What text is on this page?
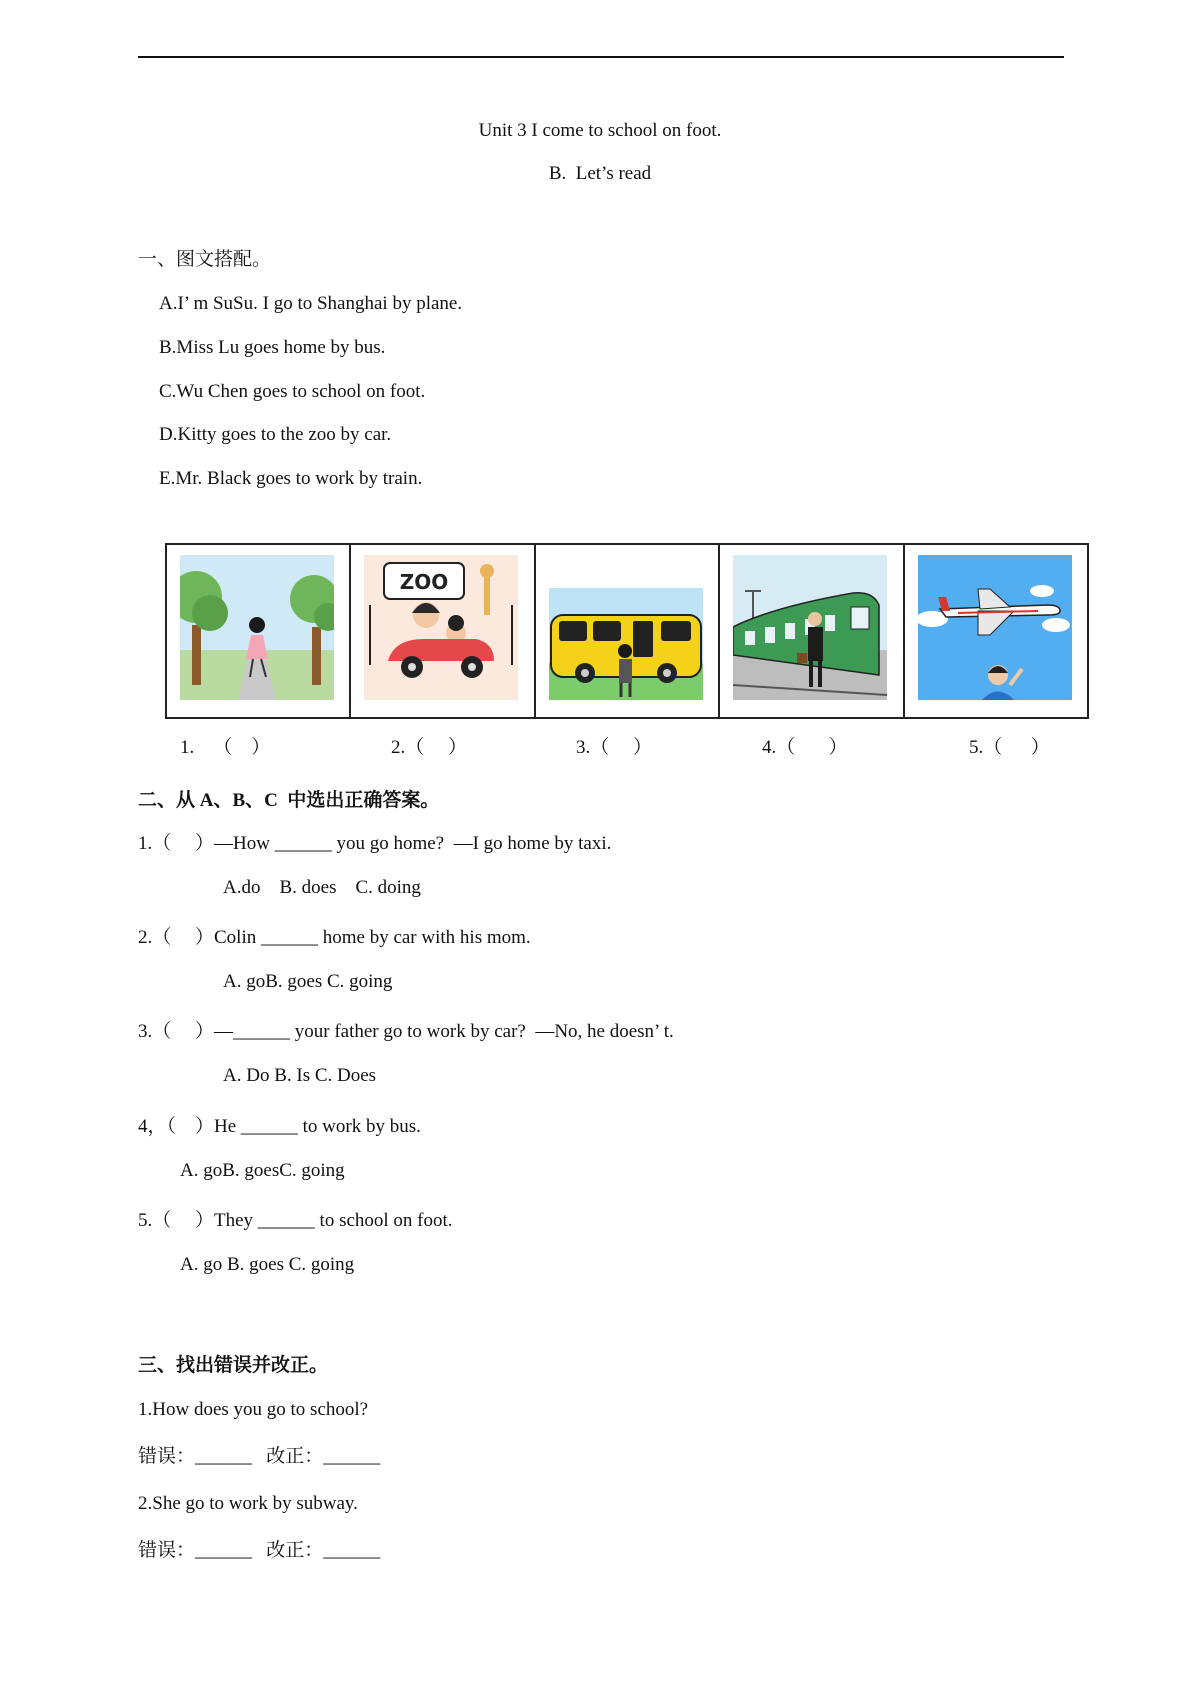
Unit 3 I come to school on foot.
B.  Let’s read
一、图文搭配。
A.I’ m SuSu. I go to Shanghai by plane.
B.Miss Lu goes home by bus.
C.Wu Chen goes to school on foot.
D.Kitty goes to the zoo by car.
E.Mr. Black goes to work by train.
ZOO
1.    （    ）	2.（     ）	3.（     ）	4.（       ）	5.（      ）
二、从 A、B、C  中选出正确答案。
1.（     ）—How ______ you go home?  —I go home by taxi.
A.do    B. does    C. doing
2.（     ）Colin ______ home by car with his mom.
A. goB. goes C. going
3.（     ）—______ your father go to work by car?  —No, he doesn’ t.
A. Do B. Is C. Does
4，（    ）He ______ to work by bus.
A. goB. goesC. going
5.（     ）They ______ to school on foot.
A. go B. goes C. going
三、找出错误并改正。
1.How does you go to school?
错误：______   改正：______
2.She go to work by subway.
错误：______   改正：______
